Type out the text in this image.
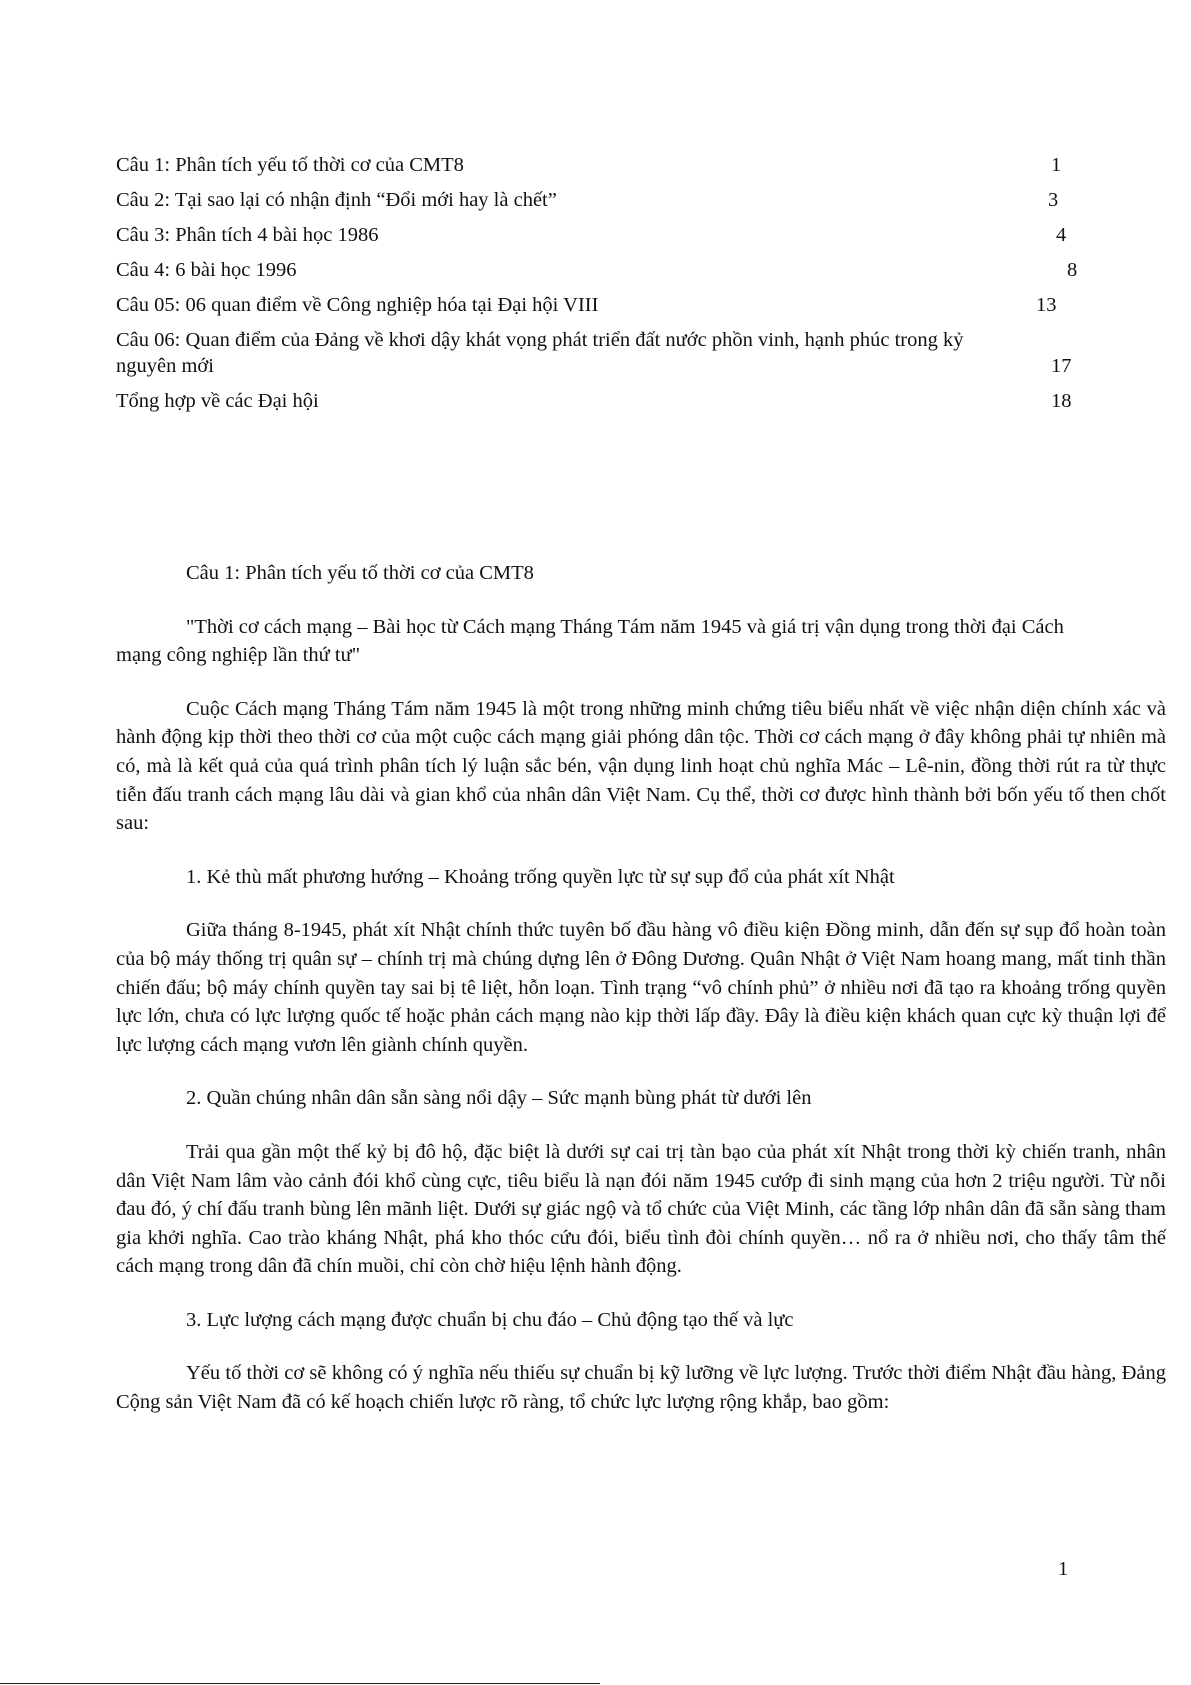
Câu 1: Phân tích yếu tố thời cơ của CMT8	1
Câu 2: Tại sao lại có nhận định “Đổi mới hay là chết”	3
Câu 3: Phân tích 4 bài học 1986	4
Câu 4: 6 bài học 1996	8
Câu 05: 06 quan điểm về Công nghiệp hóa tại Đại hội VIII	13
Câu 06: Quan điểm của Đảng về khơi dậy khát vọng phát triển đất nước phồn vinh, hạnh phúc trong kỷ nguyên mới	17
Tổng hợp về các Đại hội	18

Câu 1: Phân tích yếu tố thời cơ của CMT8

"Thời cơ cách mạng – Bài học từ Cách mạng Tháng Tám năm 1945 và giá trị vận dụng trong thời đại Cách mạng công nghiệp lần thứ tư"

Cuộc Cách mạng Tháng Tám năm 1945 là một trong những minh chứng tiêu biểu nhất về việc nhận diện chính xác và hành động kịp thời theo thời cơ của một cuộc cách mạng giải phóng dân tộc. Thời cơ cách mạng ở đây không phải tự nhiên mà có, mà là kết quả của quá trình phân tích lý luận sắc bén, vận dụng linh hoạt chủ nghĩa Mác – Lê-nin, đồng thời rút ra từ thực tiễn đấu tranh cách mạng lâu dài và gian khổ của nhân dân Việt Nam. Cụ thể, thời cơ được hình thành bởi bốn yếu tố then chốt sau:

1. Kẻ thù mất phương hướng – Khoảng trống quyền lực từ sự sụp đổ của phát xít Nhật

Giữa tháng 8-1945, phát xít Nhật chính thức tuyên bố đầu hàng vô điều kiện Đồng minh, dẫn đến sự sụp đổ hoàn toàn của bộ máy thống trị quân sự – chính trị mà chúng dựng lên ở Đông Dương. Quân Nhật ở Việt Nam hoang mang, mất tinh thần chiến đấu; bộ máy chính quyền tay sai bị tê liệt, hỗn loạn. Tình trạng “vô chính phủ” ở nhiều nơi đã tạo ra khoảng trống quyền lực lớn, chưa có lực lượng quốc tế hoặc phản cách mạng nào kịp thời lấp đầy. Đây là điều kiện khách quan cực kỳ thuận lợi để lực lượng cách mạng vươn lên giành chính quyền.

2. Quần chúng nhân dân sẵn sàng nổi dậy – Sức mạnh bùng phát từ dưới lên

Trải qua gần một thế kỷ bị đô hộ, đặc biệt là dưới sự cai trị tàn bạo của phát xít Nhật trong thời kỳ chiến tranh, nhân dân Việt Nam lâm vào cảnh đói khổ cùng cực, tiêu biểu là nạn đói năm 1945 cướp đi sinh mạng của hơn 2 triệu người. Từ nỗi đau đó, ý chí đấu tranh bùng lên mãnh liệt. Dưới sự giác ngộ và tổ chức của Việt Minh, các tầng lớp nhân dân đã sẵn sàng tham gia khởi nghĩa. Cao trào kháng Nhật, phá kho thóc cứu đói, biểu tình đòi chính quyền… nổ ra ở nhiều nơi, cho thấy tâm thế cách mạng trong dân đã chín muồi, chỉ còn chờ hiệu lệnh hành động.

3. Lực lượng cách mạng được chuẩn bị chu đáo – Chủ động tạo thế và lực

Yếu tố thời cơ sẽ không có ý nghĩa nếu thiếu sự chuẩn bị kỹ lưỡng về lực lượng. Trước thời điểm Nhật đầu hàng, Đảng Cộng sản Việt Nam đã có kế hoạch chiến lược rõ ràng, tổ chức lực lượng rộng khắp, bao gồm:

1
